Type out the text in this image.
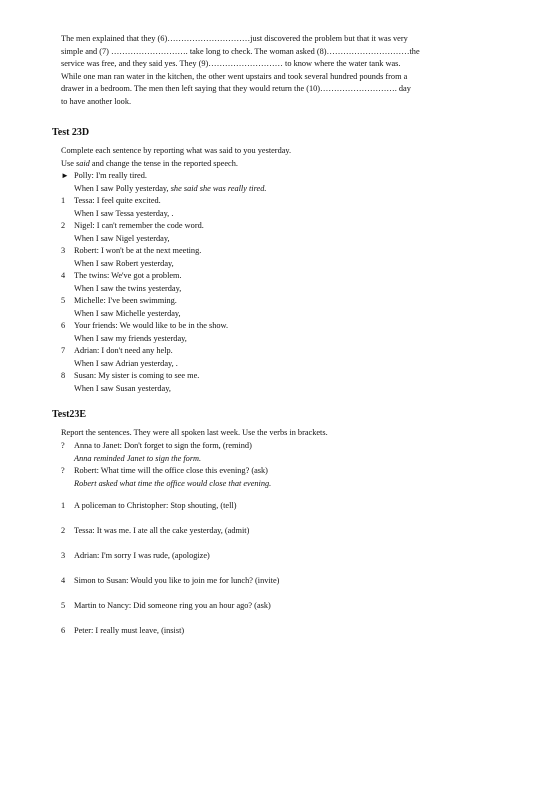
The men explained that they (6)…………………………just discovered the problem but that it was very

simple and (7) ………………………. take long to check. The woman asked (8)…………………………the

service was free, and they said yes. They (9)……………………… to know where the water tank was.

While one man ran water in the kitchen, the other went upstairs and took several hundred pounds from a

drawer in a bedroom. The men then left saying that they would return the (10)………………………. day

to have another look.

Test 23D

Complete each sentence by reporting what was said to you yesterday.

Use said and change the tense in the reported speech.

► Polly: I'm really tired.
When I saw Polly yesterday, she said she was really tired.
1	Tessa: I feel quite excited.
When I saw Tessa yesterday, .
2	Nigel: I can't remember the code word.
When I saw Nigel yesterday,
3	Robert: I won't be at the next meeting.
When I saw Robert yesterday,
4	The twins: We've got a problem.
When I saw the twins yesterday,
5	Michelle: I've been swimming.
When I saw Michelle yesterday,
6	Your friends: We would like to be in the show.
When I saw my friends yesterday,
7	Adrian: I don't need any help.
When I saw Adrian yesterday, .
8	Susan: My sister is coming to see me.
When I saw Susan yesterday,
Test23E

Report the sentences. They were all spoken last week. Use the verbs in brackets.

?	Anna to Janet: Don't forget to sign the form, (remind)
Anna reminded Janet to sign the form.
?	Robert: What time will the office close this evening? (ask)
Robert asked what time the office would close that evening.
1	A policeman to Christopher: Stop shouting, (tell)
2	Tessa: It was me. I ate all the cake yesterday, (admit)
3	Adrian: I'm sorry I was rude, (apologize)
4	Simon to Susan: Would you like to join me for lunch? (invite)
5	Martin to Nancy: Did someone ring you an hour ago? (ask)
6	Peter: I really must leave, (insist)
